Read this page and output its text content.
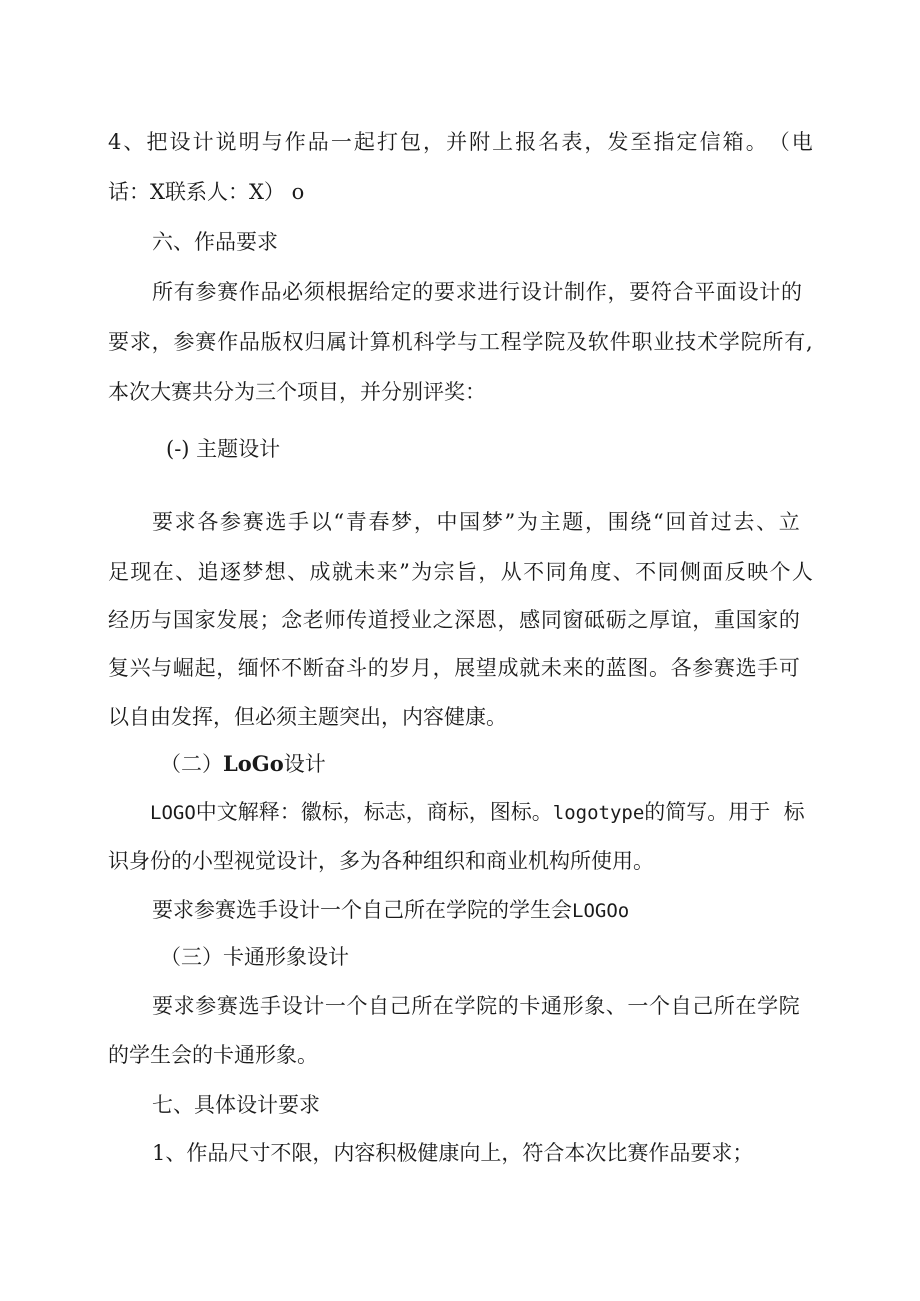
4 、 把 设 计 说 明 与 作 品 一 起 打 包 ， 并 附 上 报 名 表 ， 发 至 指 定 信 箱 。 （ 电
话：X联系人：X） o
六、作品要求
所 有 参 赛 作 品 必 须 根 据 给 定 的 要 求 进 行 设 计 制 作 ， 要 符 合 平 面 设 计 的
要 求 ， 参 赛 作 品 版 权 归 属 计 算 机 科 学 与 工 程 学 院 及 软 件 职 业 技 术 学 院 所 有 ,
本次大赛共分为三个项目，并分别评奖：
(-) 主题设计
要 求 各 参 赛 选 手 以 “ 青 春 梦 ， 中 国 梦 ” 为 主 题 ， 围 绕 “ 回 首 过 去 、 立
足 现 在 、 追 逐 梦 想 、 成 就 未 来 ” 为 宗 旨 ， 从 不 同 角 度 、 不 同 侧 面 反 映 个 人
经 历 与 国 家 发 展 ； 念 老 师 传 道 授 业 之 深 恩 ， 感 同 窗 砥 砺 之 厚 谊 ， 重 国 家 的
复 兴 与 崛 起 ， 缅 怀 不 断 奋 斗 的 岁 月 ， 展 望 成 就 未 来 的 蓝 图 。 各 参 赛 选 手 可
以自由发挥，但必须主题突出，内容健康。
（二）LoGo设计
LOGO中文解释：徽标，标志，商标，图标。logotype的简写。用于  标
识身份的小型视觉设计，多为各种组织和商业机构所使用。
要求参赛选手设计一个自己所在学院的学生会LOGOo
（三）卡通形象设计
要 求 参 赛 选 手 设 计 一 个 自 己 所 在 学 院 的 卡 通 形 象 、 一 个 自 己 所 在 学 院
的学生会的卡通形象。
七、具体设计要求
1、作品尺寸不限，内容积极健康向上，符合本次比赛作品要求；
